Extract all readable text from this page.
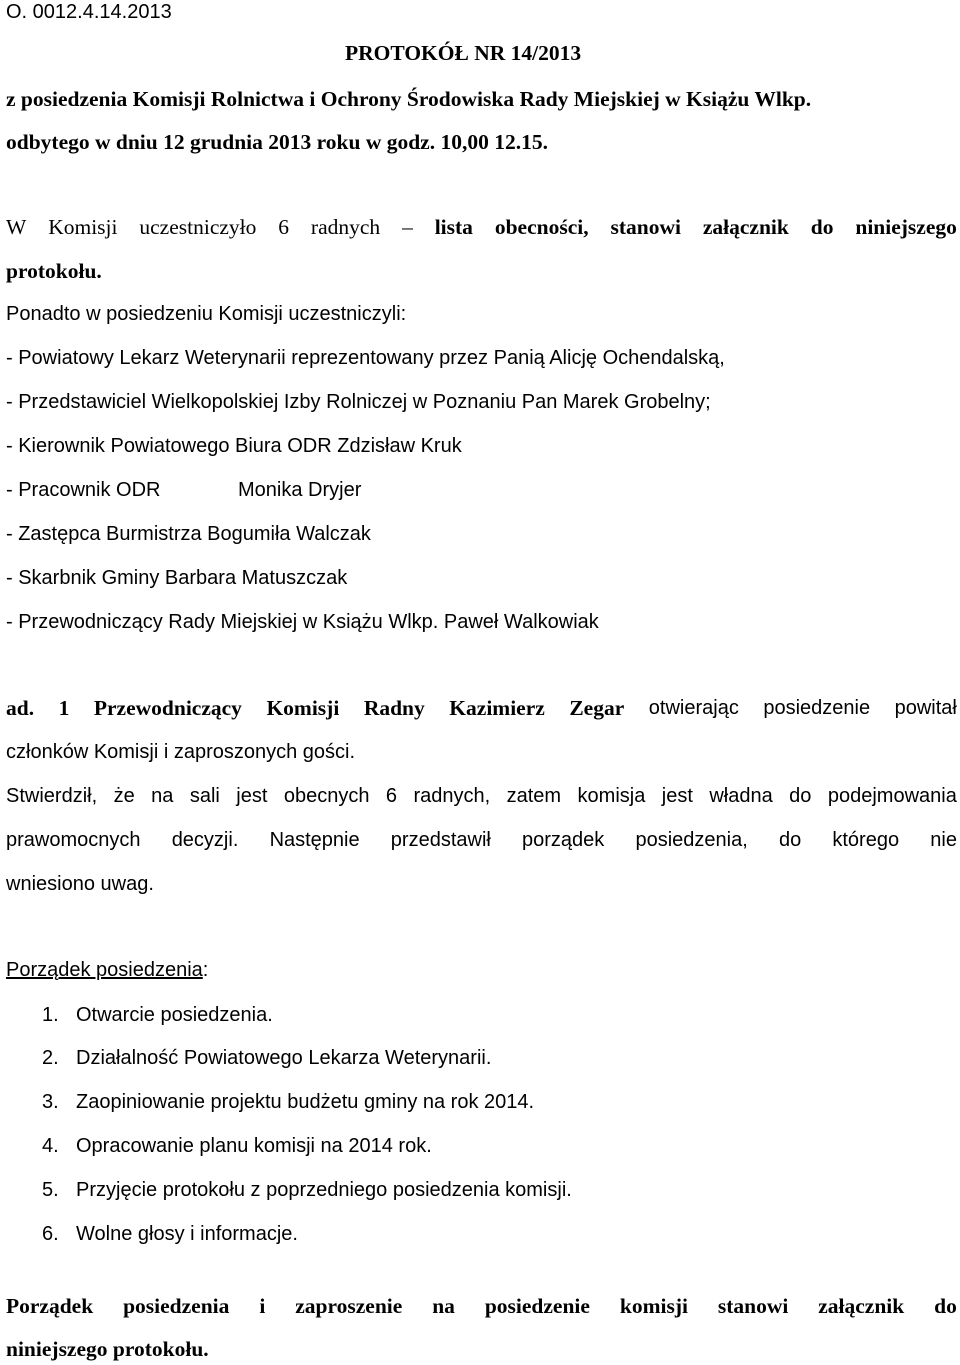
O. 0012.4.14.2013
PROTOKÓŁ NR 14/2013
z posiedzenia Komisji Rolnictwa i Ochrony Środowiska Rady Miejskiej w Książu Wlkp.
odbytego w dniu 12 grudnia 2013 roku w godz. 10,00 12.15.
W Komisji uczestniczyło 6 radnych – lista obecności, stanowi załącznik do niniejszego
protokołu.
Ponadto w posiedzeniu Komisji uczestniczyli:
- Powiatowy Lekarz Weterynarii reprezentowany przez Panią Alicję Ochendalską,
- Przedstawiciel Wielkopolskiej Izby Rolniczej w Poznaniu Pan Marek Grobelny;
- Kierownik Powiatowego Biura ODR Zdzisław Kruk
- Pracownik ODR	Monika Dryjer
- Zastępca Burmistrza Bogumiła Walczak
- Skarbnik Gminy Barbara Matuszczak
- Przewodniczący Rady Miejskiej w Książu Wlkp. Paweł Walkowiak
ad. 1 Przewodniczący Komisji Radny Kazimierz Zegar otwierając posiedzenie powitał
członków Komisji i zaproszonych gości.
Stwierdził, że na sali jest obecnych 6 radnych, zatem komisja jest władna do podejmowania
prawomocnych decyzji. Następnie przedstawił porządek posiedzenia, do którego nie
wniesiono uwag.
Porządek posiedzenia:
1. Otwarcie posiedzenia.
2. Działalność Powiatowego Lekarza Weterynarii.
3. Zaopiniowanie projektu budżetu gminy na rok 2014.
4. Opracowanie planu komisji na 2014 rok.
5. Przyjęcie protokołu z poprzedniego posiedzenia komisji.
6. Wolne głosy i informacje.
Porządek posiedzenia i zaproszenie na posiedzenie komisji stanowi załącznik do
niniejszego protokołu.
